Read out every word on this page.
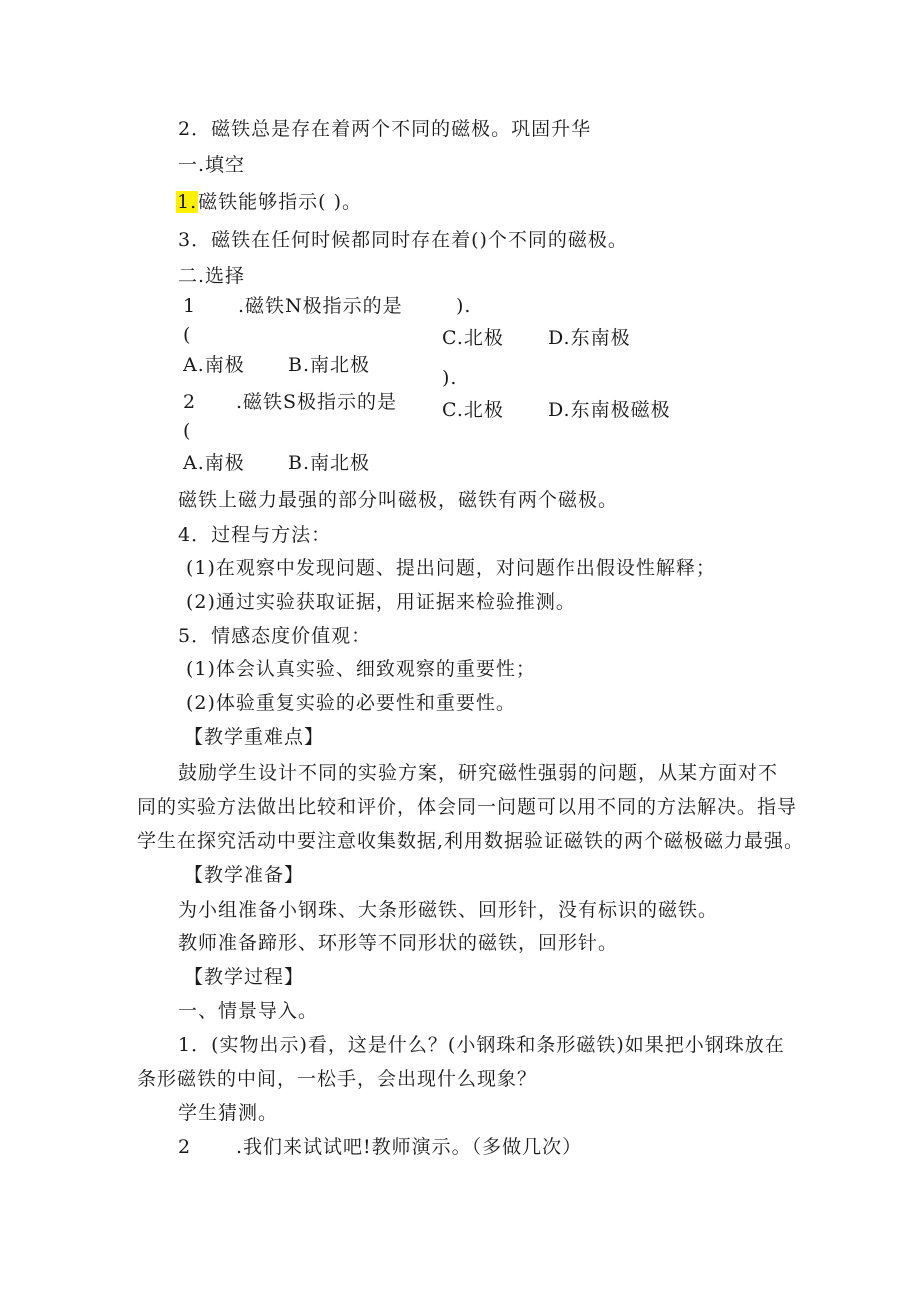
2．磁铁总是存在着两个不同的磁极。巩固升华
一.填空
1.磁铁能够指示( )。
3．磁铁在任何时候都同时存在着()个不同的磁极。
二.选择
1 .磁铁N极指示的是	).
(	C.北极 D.东南极
A.南极 B.南北极
).
2 .磁铁S极指示的是 C.北极 D.东南极磁极
(
A.南极 B.南北极
磁铁上磁力最强的部分叫磁极，磁铁有两个磁极。
4．过程与方法：
(1)在观察中发现问题、提出问题，对问题作出假设性解释；
(2)通过实验获取证据，用证据来检验推测。
5．情感态度价值观：
(1)体会认真实验、细致观察的重要性；
(2)体验重复实验的必要性和重要性。
【教学重难点】
鼓励学生设计不同的实验方案，研究磁性强弱的问题，从某方面对不
同的实验方法做出比较和评价，体会同一问题可以用不同的方法解决。指导
学生在探究活动中要注意收集数据,利用数据验证磁铁的两个磁极磁力最强。
【教学准备】
为小组准备小钢珠、大条形磁铁、回形针，没有标识的磁铁。
教师准备蹄形、环形等不同形状的磁铁，回形针。
【教学过程】
一、情景导入。
1．(实物出示)看，这是什么？(小钢珠和条形磁铁)如果把小钢珠放在
条形磁铁的中间，一松手，会出现什么现象？
学生猜测。
2 .我们来试试吧!教师演示。（多做几次）
